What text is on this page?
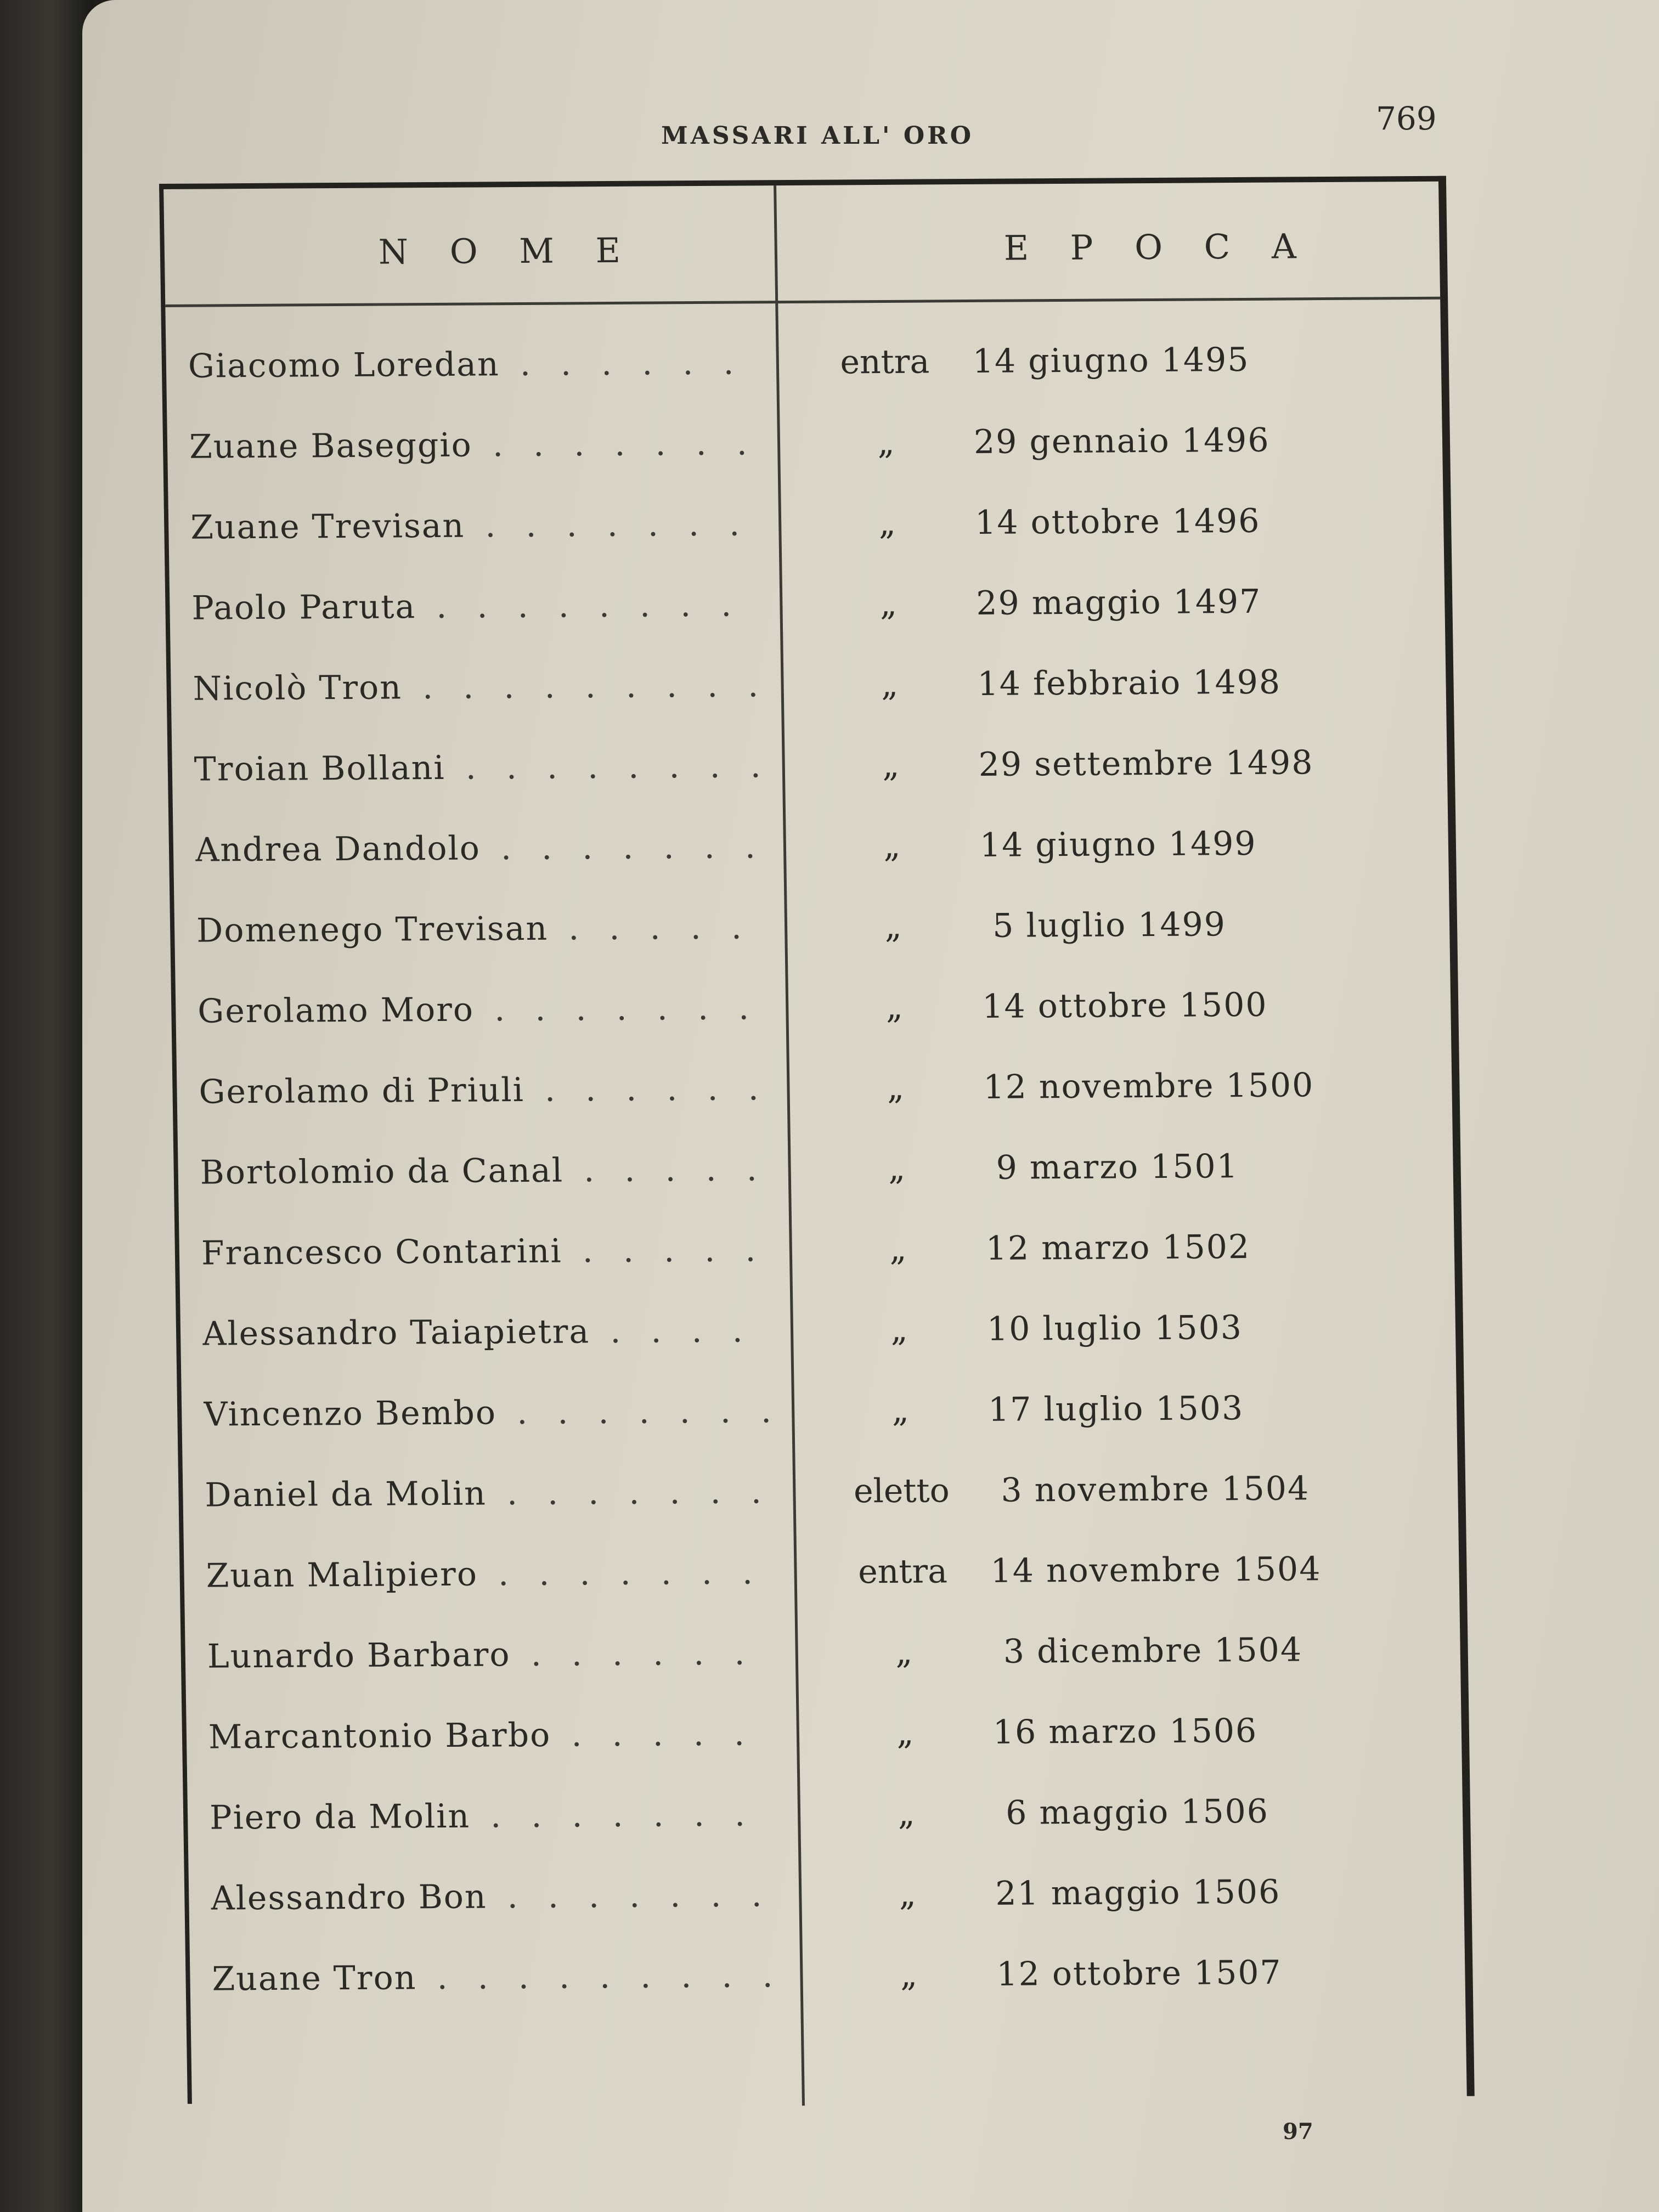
MASSARI ALL' ORO	769
N O M E	E P O C A
Giacomo Loredan . . .	entra	14 giugno 1495
Zuane Baseggio . . .	„	29 gennaio 1496
Zuane Trevisan . . .	„	14 ottobre 1496
Paolo Paruta . . .	„	29 maggio 1497
Nicolò Tron . . .	„	14 febbraio 1498
Troian Bollani . . .	„	29 settembre 1498
Andrea Dandolo . . .	„	14 giugno 1499
Domenego Trevisan . . .	„	5 luglio 1499
Gerolamo Moro . . .	„	14 ottobre 1500
Gerolamo di Priuli . . .	„	12 novembre 1500
Bortolomio da Canal . . .	„	9 marzo 1501
Francesco Contarini . . .	„	12 marzo 1502
Alessandro Taiapietra . . .	„	10 luglio 1503
Vincenzo Bembo . . .	„	17 luglio 1503
Daniel da Molin . . .	eletto	3 novembre 1504
Zuan Malipiero . . .	entra	14 novembre 1504
Lunardo Barbaro . . .	„	3 dicembre 1504
Marcantonio Barbo . . .	„	16 marzo 1506
Piero da Molin . . .	„	6 maggio 1506
Alessandro Bon . . .	„	21 maggio 1506
Zuane Tron . . .	„	12 ottobre 1507
97
